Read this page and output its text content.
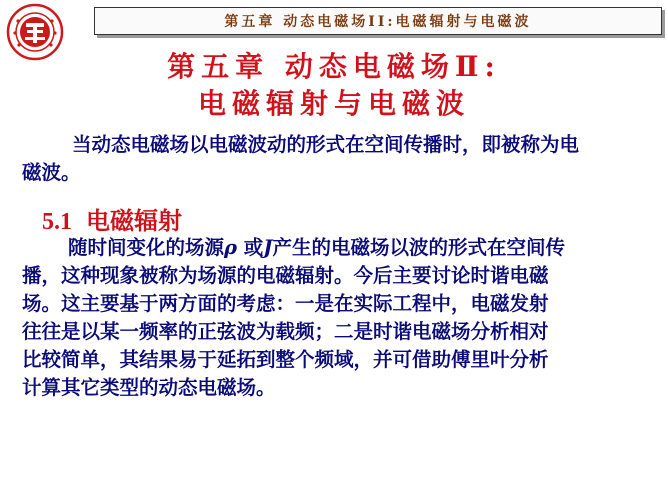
第五章 动态电磁场II:电磁辐射与电磁波
第五章 动态电磁场Ⅱ:
电磁辐射与电磁波
当动态电磁场以电磁波动的形式在空间传播时，即被称为电
磁波。
5.1 电磁辐射
随时间变化的场源ρ 或J产生的电磁场以波的形式在空间传
播，这种现象被称为场源的电磁辐射。今后主要讨论时谐电磁
场。这主要基于两方面的考虑：一是在实际工程中，电磁发射
往往是以某一频率的正弦波为载频；二是时谐电磁场分析相对
比较简单，其结果易于延拓到整个频域，并可借助傅里叶分析
计算其它类型的动态电磁场。
